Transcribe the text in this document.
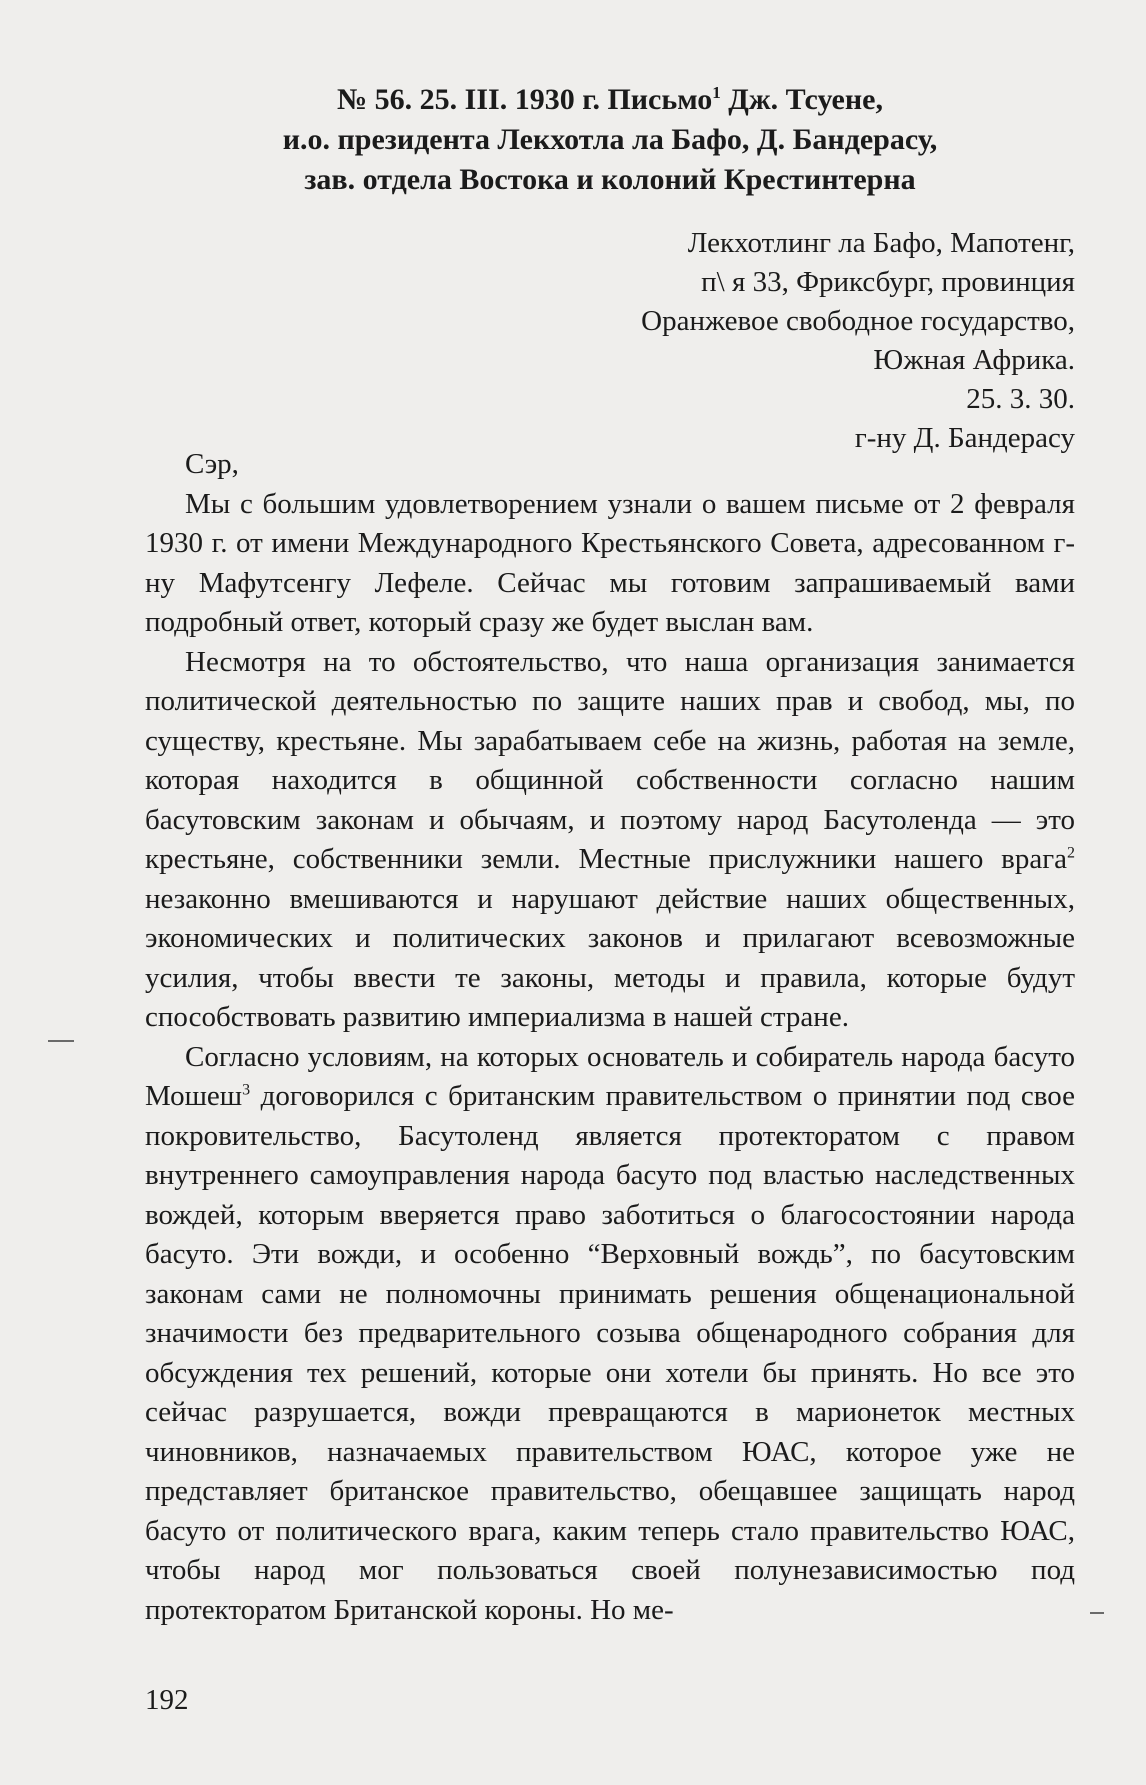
№ 56. 25. III. 1930 г. Письмо$^1$ Дж. Тсуене,
и.о. президента Лекхотла ла Бафо, Д. Бандерасу,
зав. отдела Востока и колоний Крестинтерна
Лекхотлинг ла Бафо, Мапотенг,
п\ я 33, Фриксбург, провинция
Оранжевое свободное государство,
Южная Африка.
25. 3. 30.
г-ну Д. Бандерасу

Сэр,

Мы с большим удовлетворением узнали о вашем письме от 2 февраля 1930 г. от имени Международного Крестьянского Совета, адресованном г-ну Мафутсенгу Лефеле. Сейчас мы готовим запрашиваемый вами подробный ответ, который сразу же будет выслан вам.

Несмотря на то обстоятельство, что наша организация занимается политической деятельностью по защите наших прав и свобод, мы, по существу, крестьяне. Мы зарабатываем себе на жизнь, работая на земле, которая находится в общинной собственности согласно нашим басутовским законам и обычаям, и поэтому народ Басутоленда — это крестьяне, собственники земли. Местные прислужники нашего врага$^2$ незаконно вмешиваются и нарушают действие наших общественных, экономических и политических законов и прилагают всевозможные усилия, чтобы ввести те законы, методы и правила, которые будут способствовать развитию империализма в нашей стране.

Согласно условиям, на которых основатель и собиратель народа басуто Мошеш$^3$ договорился с британским правительством о принятии под свое покровительство, Басутоленд является протекторатом с правом внутреннего самоуправления народа басуто под властью наследственных вождей, которым вверяется право заботиться о благосостоянии народа басуто. Эти вожди, и особенно “Верховный вождь”, по басутовским законам сами не полномочны принимать решения общенациональной значимости без предварительного созыва общенародного собрания для обсуждения тех решений, которые они хотели бы принять. Но все это сейчас разрушается, вожди превращаются в марионеток местных чиновников, назначаемых правительством ЮАС, которое уже не представляет британское правительство, обещавшее защищать народ басуто от политического врага, каким теперь стало правительство ЮАС, чтобы народ мог пользоваться своей полунезависимостью под протекторатом Британской короны. Но ме-

192
